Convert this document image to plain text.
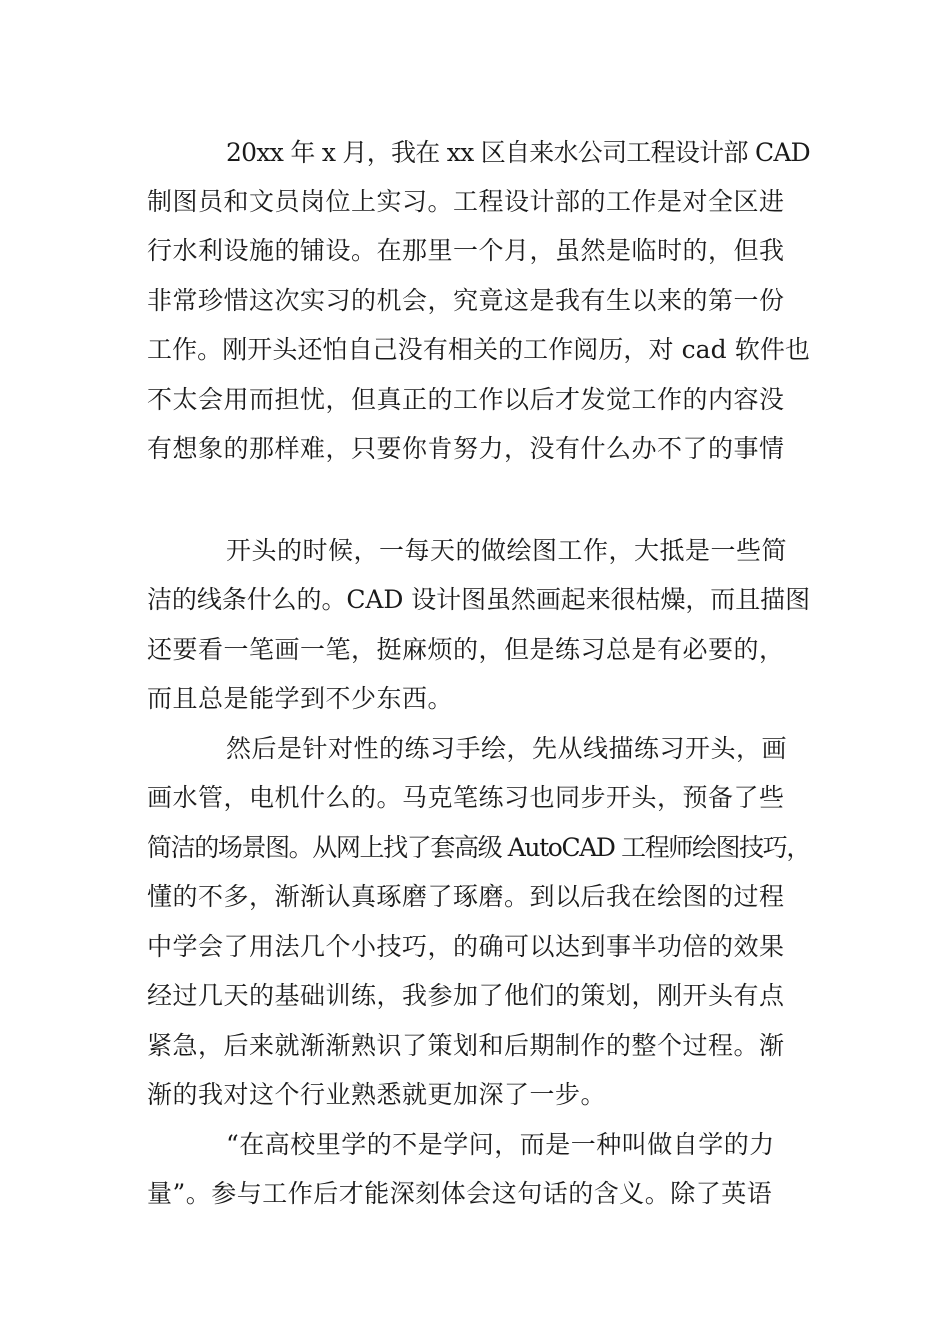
20xx 年 x 月，我在 xx 区自来水公司工程设计部 CAD
制图员和文员岗位上实习。工程设计部的工作是对全区进
行水利设施的铺设。在那里一个月，虽然是临时的，但我
非常珍惜这次实习的机会，究竟这是我有生以来的第一份
工作。刚开头还怕自己没有相关的工作阅历，对 cad 软件也
不太会用而担忧，但真正的工作以后才发觉工作的内容没
有想象的那样难，只要你肯努力，没有什么办不了的事情
开头的时候，一每天的做绘图工作，大抵是一些简
洁的线条什么的。CAD 设计图虽然画起来很枯燥，而且描图
还要看一笔画一笔，挺麻烦的，但是练习总是有必要的，
而且总是能学到不少东西。
然后是针对性的练习手绘，先从线描练习开头，画
画水管，电机什么的。马克笔练习也同步开头，预备了些
简洁的场景图。从网上找了套高级 AutoCAD 工程师绘图技巧，
懂的不多，渐渐认真琢磨了琢磨。到以后我在绘图的过程
中学会了用法几个小技巧，的确可以达到事半功倍的效果
经过几天的基础训练，我参加了他们的策划，刚开头有点
紧急，后来就渐渐熟识了策划和后期制作的整个过程。渐
渐的我对这个行业熟悉就更加深了一步。
“在高校里学的不是学问，而是一种叫做自学的力
量”。参与工作后才能深刻体会这句话的含义。除了英语
